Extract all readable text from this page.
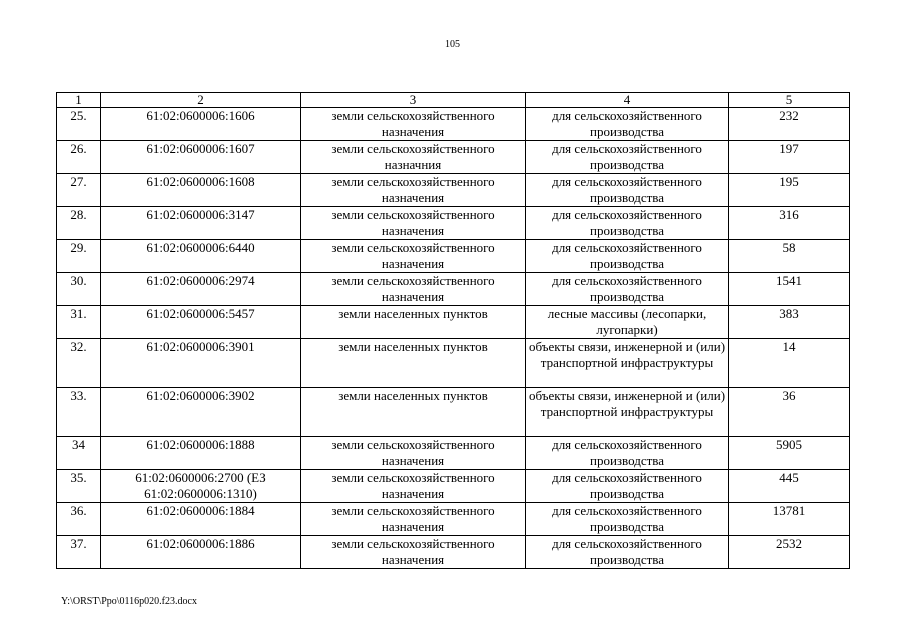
105
1	2	3	4	5
25.	61:02:0600006:1606	земли сельскохозяйственного назначения	для сельскохозяйственного производства	232
26.	61:02:0600006:1607	земли сельскохозяйственного назначния	для сельскохозяйственного производства	197
27.	61:02:0600006:1608	земли сельскохозяйственного назначения	для сельскохозяйственного производства	195
28.	61:02:0600006:3147	земли сельскохозяйственного назначения	для сельскохозяйственного производства	316
29.	61:02:0600006:6440	земли сельскохозяйственного назначения	для сельскохозяйственного производства	58
30.	61:02:0600006:2974	земли сельскохозяйственного назначения	для сельскохозяйственного производства	1541
31.	61:02:0600006:5457	земли населенных пунктов	лесные массивы (лесопарки, лугопарки)	383
32.	61:02:0600006:3901	земли населенных пунктов	объекты связи, инженерной и (или) транспортной инфраструктуры	14
33.	61:02:0600006:3902	земли населенных пунктов	объекты связи, инженерной и (или) транспортной инфраструктуры	36
34	61:02:0600006:1888	земли сельскохозяйственного назначения	для сельскохозяйственного производства	5905
35.	61:02:0600006:2700 (ЕЗ 61:02:0600006:1310)	земли сельскохозяйственного назначения	для сельскохозяйственного производства	445
36.	61:02:0600006:1884	земли сельскохозяйственного назначения	для сельскохозяйственного производства	13781
37.	61:02:0600006:1886	земли сельскохозяйственного назначения	для сельскохозяйственного производства	2532
Y:\ORST\Ppo\0116p020.f23.docx
